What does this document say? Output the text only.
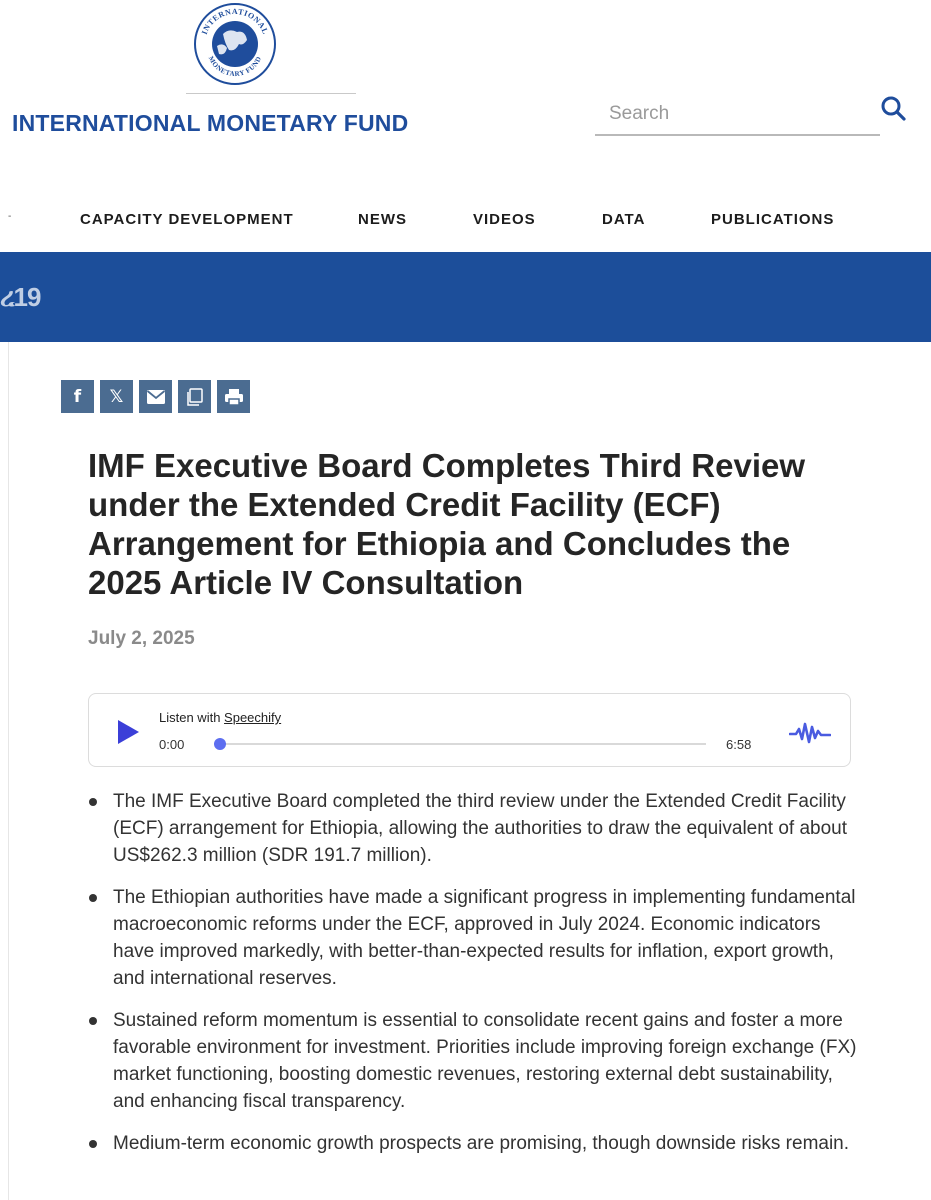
INTERNATIONAL
MONETARY FUND
INTERNATIONAL MONETARY FUND
Search
-	CAPACITY DEVELOPMENT	NEWS	VIDEOS	DATA	PUBLICATIONS
ረ19
f 𝕏
IMF Executive Board Completes Third Review under the Extended Credit Facility (ECF) Arrangement for Ethiopia and Concludes the 2025 Article IV Consultation
July 2, 2025
Listen with Speechify
0:00	6:58
The IMF Executive Board completed the third review under the Extended Credit Facility (ECF) arrangement for Ethiopia, allowing the authorities to draw the equivalent of about US$262.3 million (SDR 191.7 million).
The Ethiopian authorities have made a significant progress in implementing fundamental macroeconomic reforms under the ECF, approved in July 2024. Economic indicators have improved markedly, with better-than-expected results for inflation, export growth, and international reserves.
Sustained reform momentum is essential to consolidate recent gains and foster a more favorable environment for investment. Priorities include improving foreign exchange (FX) market functioning, boosting domestic revenues, restoring external debt sustainability, and enhancing fiscal transparency.
Medium-term economic growth prospects are promising, though downside risks remain.
